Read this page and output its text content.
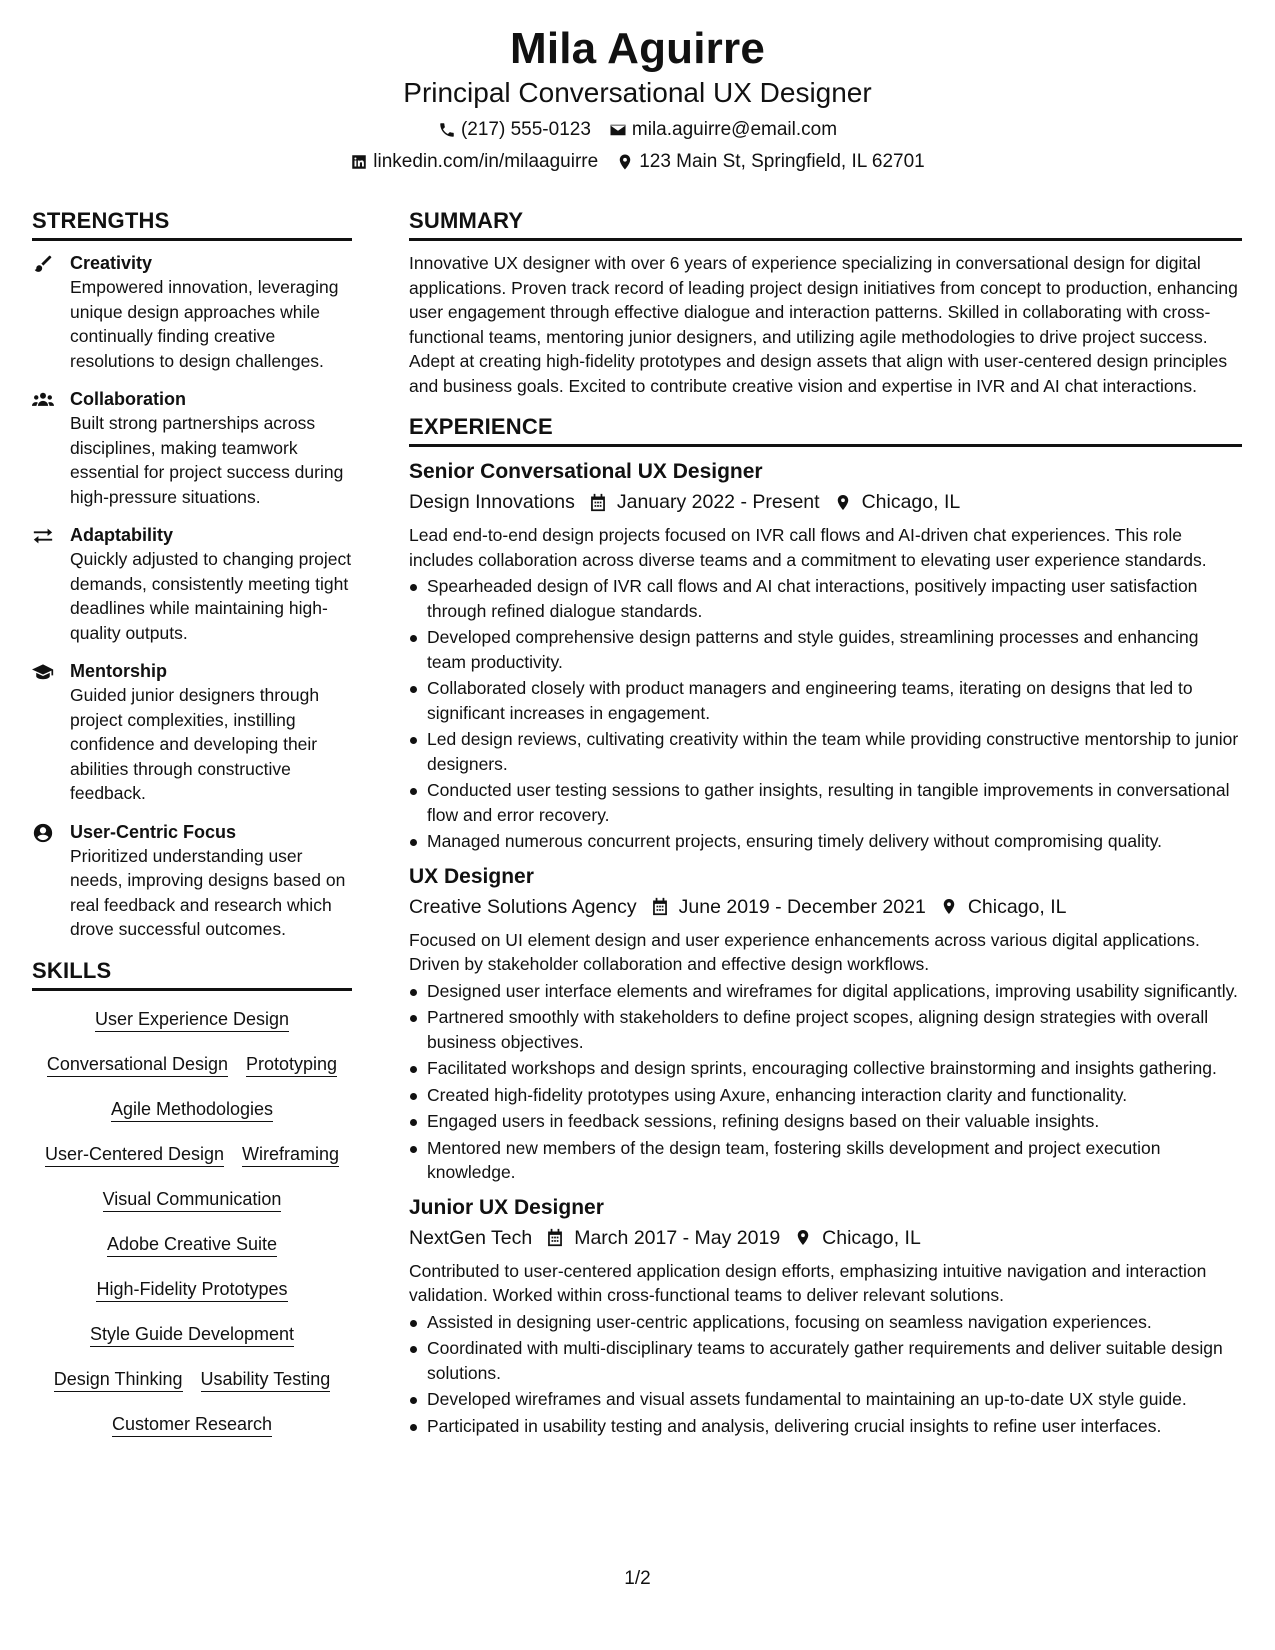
Mila Aguirre
Principal Conversational UX Designer
(217) 555-0123 mila.aguirre@email.com
linkedin.com/in/milaaguirre 123 Main St, Springfield, IL 62701
STRENGTHS
Creativity
Empowered innovation, leveraging unique design approaches while continually finding creative resolutions to design challenges.
Collaboration
Built strong partnerships across disciplines, making teamwork essential for project success during high-pressure situations.
Adaptability
Quickly adjusted to changing project demands, consistently meeting tight deadlines while maintaining high-quality outputs.
Mentorship
Guided junior designers through project complexities, instilling confidence and developing their abilities through constructive feedback.
User-Centric Focus
Prioritized understanding user needs, improving designs based on real feedback and research which drove successful outcomes.
SKILLS
User Experience Design
Conversational Design Prototyping
Agile Methodologies
User-Centered Design Wireframing
Visual Communication
Adobe Creative Suite
High-Fidelity Prototypes
Style Guide Development
Design Thinking Usability Testing
Customer Research
SUMMARY
Innovative UX designer with over 6 years of experience specializing in conversational design for digital applications. Proven track record of leading project design initiatives from concept to production, enhancing user engagement through effective dialogue and interaction patterns. Skilled in collaborating with cross-functional teams, mentoring junior designers, and utilizing agile methodologies to drive project success. Adept at creating high-fidelity prototypes and design assets that align with user-centered design principles and business goals. Excited to contribute creative vision and expertise in IVR and AI chat interactions.
EXPERIENCE
Senior Conversational UX Designer
Design Innovations January 2022 - Present Chicago, IL
Lead end-to-end design projects focused on IVR call flows and AI-driven chat experiences. This role includes collaboration across diverse teams and a commitment to elevating user experience standards.
Spearheaded design of IVR call flows and AI chat interactions, positively impacting user satisfaction through refined dialogue standards.
Developed comprehensive design patterns and style guides, streamlining processes and enhancing team productivity.
Collaborated closely with product managers and engineering teams, iterating on designs that led to significant increases in engagement.
Led design reviews, cultivating creativity within the team while providing constructive mentorship to junior designers.
Conducted user testing sessions to gather insights, resulting in tangible improvements in conversational flow and error recovery.
Managed numerous concurrent projects, ensuring timely delivery without compromising quality.
UX Designer
Creative Solutions Agency June 2019 - December 2021 Chicago, IL
Focused on UI element design and user experience enhancements across various digital applications. Driven by stakeholder collaboration and effective design workflows.
Designed user interface elements and wireframes for digital applications, improving usability significantly.
Partnered smoothly with stakeholders to define project scopes, aligning design strategies with overall business objectives.
Facilitated workshops and design sprints, encouraging collective brainstorming and insights gathering.
Created high-fidelity prototypes using Axure, enhancing interaction clarity and functionality.
Engaged users in feedback sessions, refining designs based on their valuable insights.
Mentored new members of the design team, fostering skills development and project execution knowledge.
Junior UX Designer
NextGen Tech March 2017 - May 2019 Chicago, IL
Contributed to user-centered application design efforts, emphasizing intuitive navigation and interaction validation. Worked within cross-functional teams to deliver relevant solutions.
Assisted in designing user-centric applications, focusing on seamless navigation experiences.
Coordinated with multi-disciplinary teams to accurately gather requirements and deliver suitable design solutions.
Developed wireframes and visual assets fundamental to maintaining an up-to-date UX style guide.
Participated in usability testing and analysis, delivering crucial insights to refine user interfaces.
1/2
